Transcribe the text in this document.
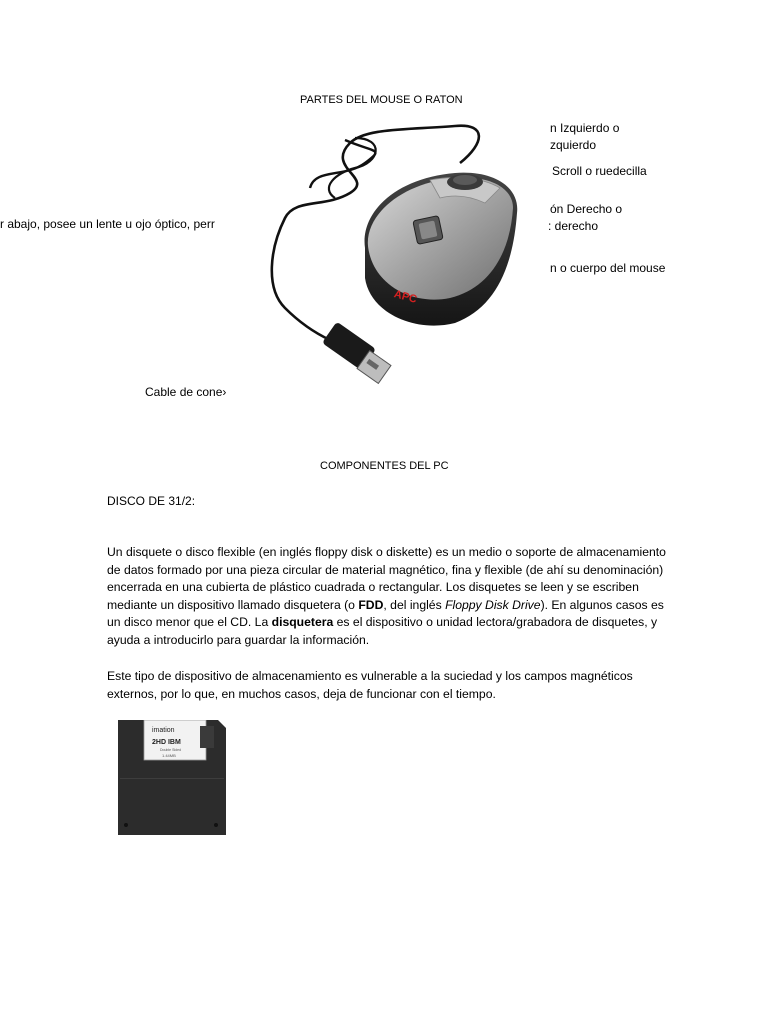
PARTES DEL MOUSE O RATON
r abajo, posee un lente u ojo óptico, perr
n Izquierdo o
zquierdo
Scroll o ruedecilla
ón Derecho o
: derecho
n o cuerpo del mouse
Cable de cone›
APC
COMPONENTES DEL PC
DISCO DE 31/2:

Un disquete o disco flexible (en inglés floppy disk o diskette) es un medio o soporte de almacenamiento de datos formado por una pieza circular de material magnético, fina y flexible (de ahí su denominación) encerrada en una cubierta de plástico cuadrada o rectangular. Los disquetes se leen y se escriben mediante un dispositivo llamado disquetera (o FDD, del inglés Floppy Disk Drive). En algunos casos es un disco menor que el CD. La disquetera es el dispositivo o unidad lectora/grabadora de disquetes, y ayuda a introducirlo para guardar la información.

Este tipo de dispositivo de almacenamiento es vulnerable a la suciedad y los campos magnéticos externos, por lo que, en muchos casos, deja de funcionar con el tiempo.

imation
2HD IBM
Double Sided
1.44MB
